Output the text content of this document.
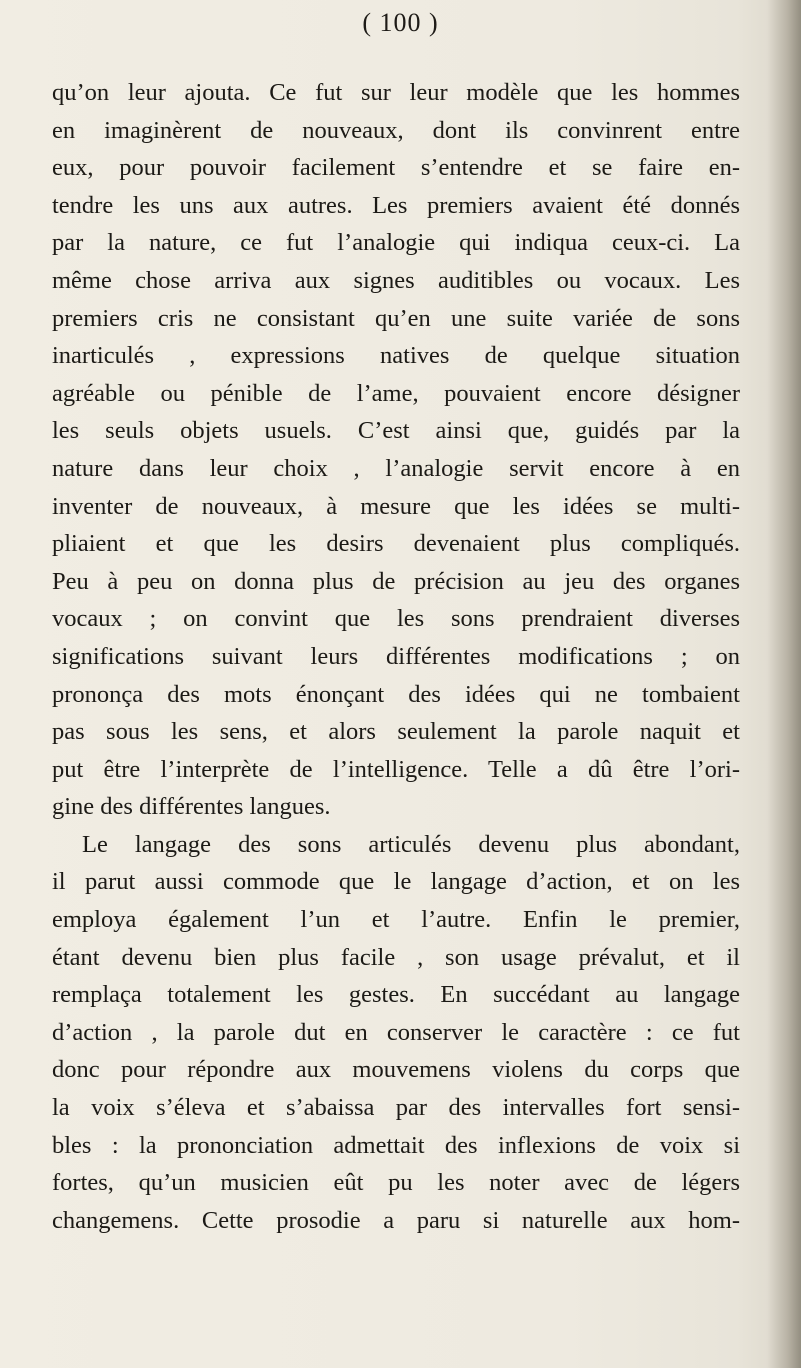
( 100 )
qu’on leur ajouta. Ce fut sur leur modèle que les hommes
en imaginèrent de nouveaux, dont ils convinrent entre
eux, pour pouvoir facilement s’entendre et se faire en-
tendre les uns aux autres. Les premiers avaient été donnés
par la nature, ce fut l’analogie qui indiqua ceux-ci. La
même chose arriva aux signes auditibles ou vocaux. Les
premiers cris ne consistant qu’en une suite variée de sons
inarticulés , expressions natives de quelque situation
agréable ou pénible de l’ame, pouvaient encore désigner
les seuls objets usuels. C’est ainsi que, guidés par la
nature dans leur choix , l’analogie servit encore à en
inventer de nouveaux, à mesure que les idées se multi-
pliaient et que les desirs devenaient plus compliqués.
Peu à peu on donna plus de précision au jeu des organes
vocaux ; on convint que les sons prendraient diverses
significations suivant leurs différentes modifications ; on
prononça des mots énonçant des idées qui ne tombaient
pas sous les sens, et alors seulement la parole naquit et
put être l’interprète de l’intelligence. Telle a dû être l’ori-
gine des différentes langues.
Le langage des sons articulés devenu plus abondant,
il parut aussi commode que le langage d’action, et on les
employa également l’un et l’autre. Enfin le premier,
étant devenu bien plus facile , son usage prévalut, et il
remplaça totalement les gestes. En succédant au langage
d’action , la parole dut en conserver le caractère : ce fut
donc pour répondre aux mouvemens violens du corps que
la voix s’éleva et s’abaissa par des intervalles fort sensi-
bles : la prononciation admettait des inflexions de voix si
fortes, qu’un musicien eût pu les noter avec de légers
changemens. Cette prosodie a paru si naturelle aux hom-
